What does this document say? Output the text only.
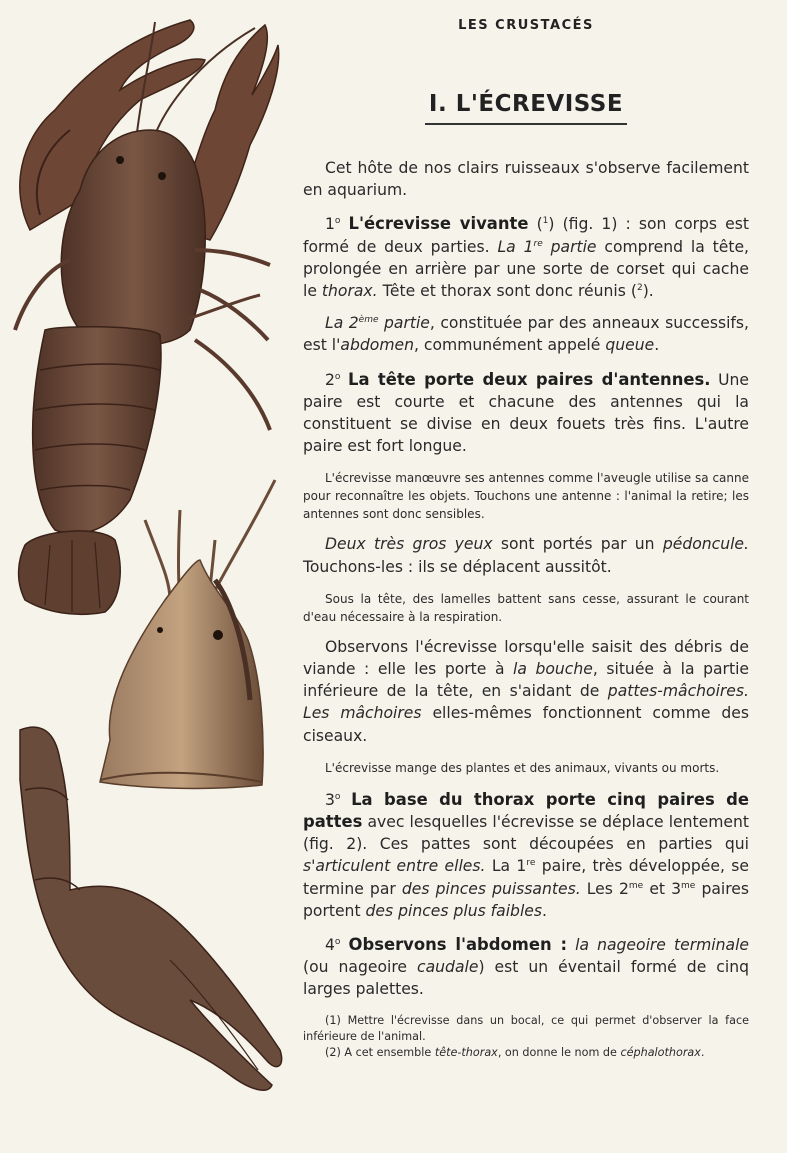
LES CRUSTACÉS
I. L'ÉCREVISSE

Cet hôte de nos clairs ruisseaux s'observe facilement en aquarium.

1$^o$ L'écrevisse vivante ($^1$) (fig. 1) : son corps est formé de deux parties. La 1re partie comprend la tête, prolongée en arrière par une sorte de corset qui cache le thorax. Tête et thorax sont donc réunis ($^2$).

La 2ème partie, constituée par des anneaux successifs, est l'abdomen, communément appelé queue.

2$^o$ La tête porte deux paires d'antennes. Une paire est courte et chacune des antennes qui la constituent se divise en deux fouets très fins. L'autre paire est fort longue.

L'écrevisse manœuvre ses antennes comme l'aveugle utilise sa canne pour reconnaître les objets. Touchons une antenne : l'animal la retire; les antennes sont donc sensibles.

Deux très gros yeux sont portés par un pédoncule. Touchons-les : ils se déplacent aussitôt.

Sous la tête, des lamelles battent sans cesse, assurant le courant d'eau nécessaire à la respiration.

Observons l'écrevisse lorsqu'elle saisit des débris de viande : elle les porte à la bouche, située à la partie inférieure de la tête, en s'aidant de pattes-mâchoires. Les mâchoires elles-mêmes fonctionnent comme des ciseaux.

L'écrevisse mange des plantes et des animaux, vivants ou morts.

3$^o$ La base du thorax porte cinq paires de pattes avec lesquelles l'écrevisse se déplace lentement (fig. 2). Ces pattes sont découpées en parties qui s'articulent entre elles. La 1re paire, très développée, se termine par des pinces puissantes. Les $2^{me}$ et $3^{me}$ paires portent des pinces plus faibles.

4$^o$ Observons l'abdomen : la nageoire terminale (ou nageoire caudale) est un éventail formé de cinq larges palettes.

(1) Mettre l'écrevisse dans un bocal, ce qui permet d'observer la face inférieure de l'animal.

(2) A cet ensemble tête-thorax, on donne le nom de céphalothorax.
